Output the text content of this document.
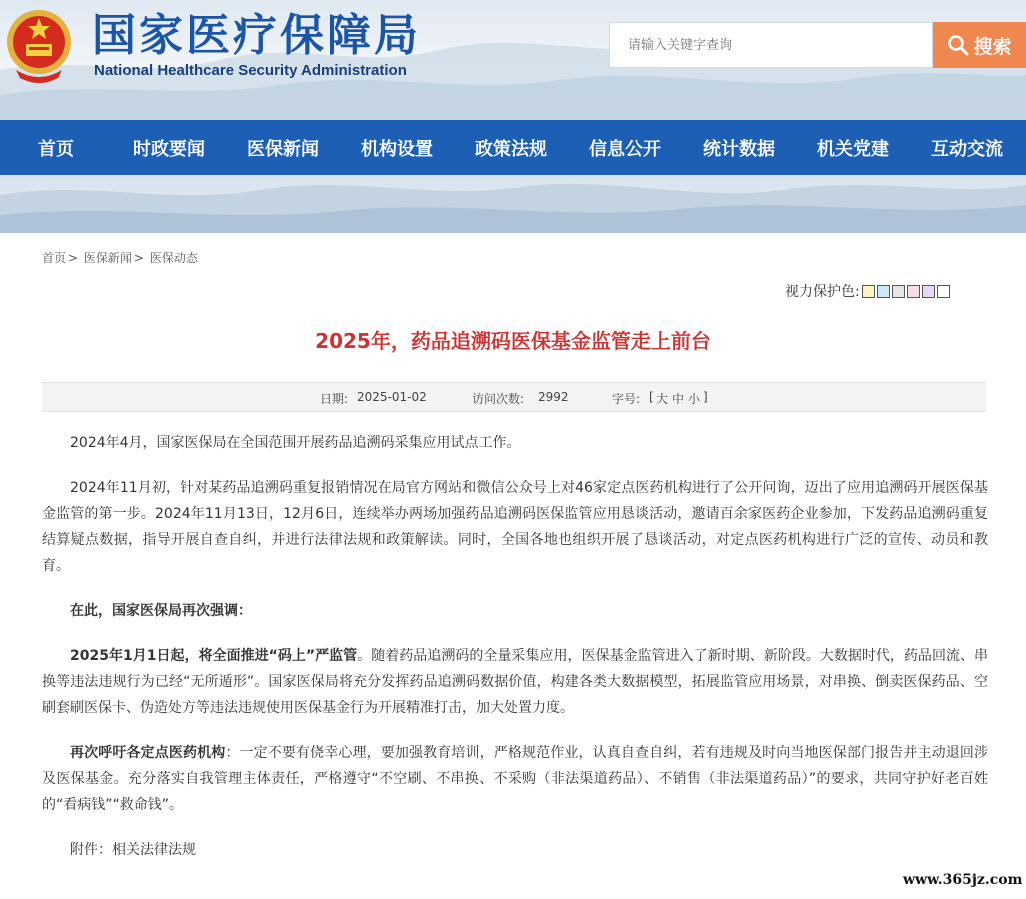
国家医疗保障局
National Healthcare Security Administration
请输入关键字查询
搜索
首页	时政要闻	医保新闻	机构设置	政策法规	信息公开	统计数据	机关党建	互动交流
首页 > 医保新闻 > 医保动态
视力保护色:
2025年，药品追溯码医保基金监管走上前台
日期: 2025-01-02	访问次数: 2992	字号: [ 大 中 小 ]

2024年4月，国家医保局在全国范围开展药品追溯码采集应用试点工作。

2024年11月初，针对某药品追溯码重复报销情况在局官方网站和微信公众号上对46家定点医药机构进行了公开问询，迈出了应用追溯码开展医保基金监管的第一步。2024年11月13日，12月6日，连续举办两场加强药品追溯码医保监管应用恳谈活动，邀请百余家医药企业参加，下发药品追溯码重复结算疑点数据，指导开展自查自纠，并进行法律法规和政策解读。同时，全国各地也组织开展了恳谈活动，对定点医药机构进行广泛的宣传、动员和教育。

在此，国家医保局再次强调：

2025年1月1日起，将全面推进“码上”严监管。随着药品追溯码的全量采集应用，医保基金监管进入了新时期、新阶段。大数据时代，药品回流、串换等违法违规行为已经“无所遁形”。国家医保局将充分发挥药品追溯码数据价值，构建各类大数据模型，拓展监管应用场景，对串换、倒卖医保药品、空刷套刷医保卡、伪造处方等违法违规使用医保基金行为开展精准打击，加大处置力度。

再次呼吁各定点医药机构：一定不要有侥幸心理，要加强教育培训，严格规范作业，认真自查自纠，若有违规及时向当地医保部门报告并主动退回涉及医保基金。充分落实自我管理主体责任，严格遵守“不空刷、不串换、不采购（非法渠道药品）、不销售（非法渠道药品）”的要求，共同守护好老百姓的“看病钱”“救命钱”。

附件：相关法律法规

www.365jz.com
